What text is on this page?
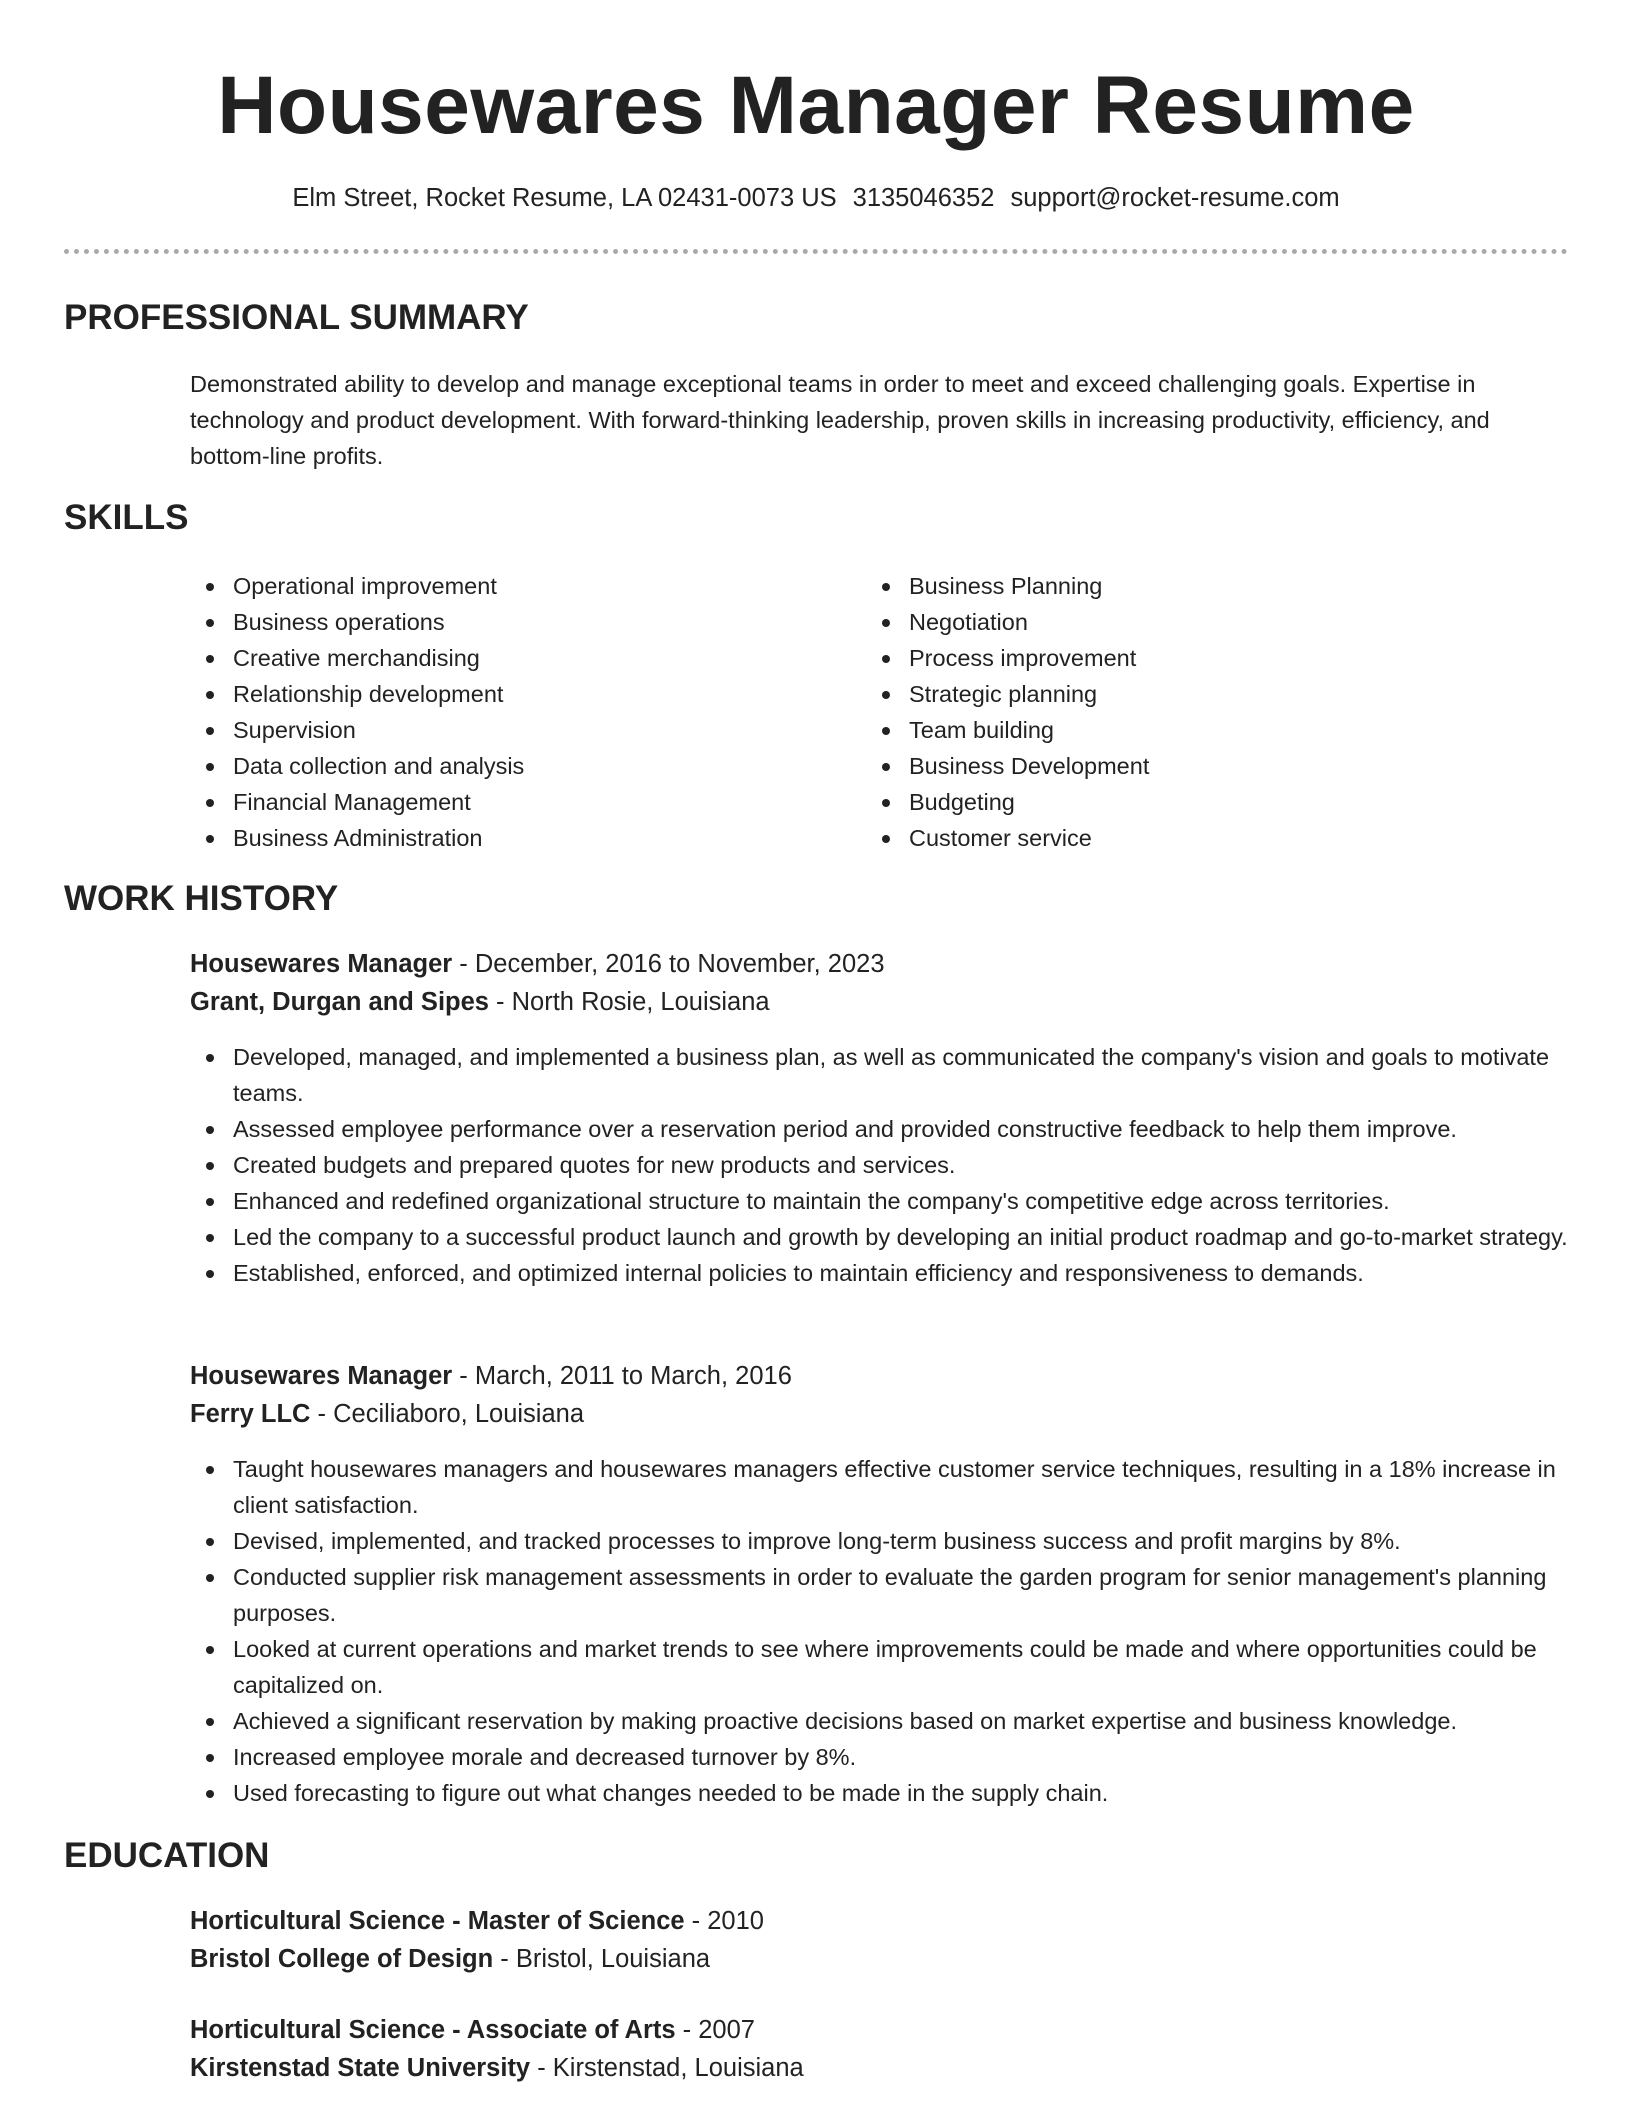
Housewares Manager Resume
Elm Street, Rocket Resume, LA 02431-0073 US 3135046352 support@rocket-resume.com
PROFESSIONAL SUMMARY

Demonstrated ability to develop and manage exceptional teams in order to meet and exceed challenging goals. Expertise in technology and product development. With forward-thinking leadership, proven skills in increasing productivity, efficiency, and bottom-line profits.

SKILLS
Operational improvement
Business operations
Creative merchandising
Relationship development
Supervision
Data collection and analysis
Financial Management
Business Administration
Business Planning
Negotiation
Process improvement
Strategic planning
Team building
Business Development
Budgeting
Customer service
WORK HISTORY

Housewares Manager - December, 2016 to November, 2023

Grant, Durgan and Sipes - North Rosie, Louisiana

Developed, managed, and implemented a business plan, as well as communicated the company's vision and goals to motivate teams.
Assessed employee performance over a reservation period and provided constructive feedback to help them improve.
Created budgets and prepared quotes for new products and services.
Enhanced and redefined organizational structure to maintain the company's competitive edge across territories.
Led the company to a successful product launch and growth by developing an initial product roadmap and go-to-market strategy.
Established, enforced, and optimized internal policies to maintain efficiency and responsiveness to demands.

Housewares Manager - March, 2011 to March, 2016

Ferry LLC - Ceciliaboro, Louisiana

Taught housewares managers and housewares managers effective customer service techniques, resulting in a 18% increase in client satisfaction.
Devised, implemented, and tracked processes to improve long-term business success and profit margins by 8%.
Conducted supplier risk management assessments in order to evaluate the garden program for senior management's planning purposes.
Looked at current operations and market trends to see where improvements could be made and where opportunities could be capitalized on.
Achieved a significant reservation by making proactive decisions based on market expertise and business knowledge.
Increased employee morale and decreased turnover by 8%.
Used forecasting to figure out what changes needed to be made in the supply chain.
EDUCATION

Horticultural Science - Master of Science - 2010

Bristol College of Design - Bristol, Louisiana

Horticultural Science - Associate of Arts - 2007

Kirstenstad State University - Kirstenstad, Louisiana
